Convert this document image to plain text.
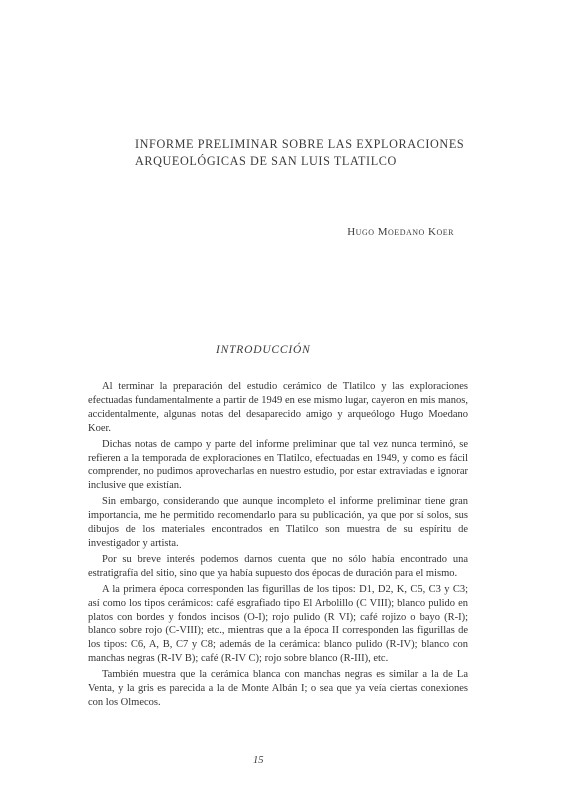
INFORME PRELIMINAR SOBRE LAS EXPLORACIONES
ARQUEOLÓGICAS DE SAN LUIS TLATILCO
Hugo Moedano Koer
INTRODUCCIÓN

Al terminar la preparación del estudio cerámico de Tlatilco y las exploraciones efectuadas fundamentalmente a partir de 1949 en ese mismo lugar, cayeron en mis manos, accidentalmente, algunas notas del desaparecido amigo y arqueólogo Hugo Moedano Koer.

Dichas notas de campo y parte del informe preliminar que tal vez nunca terminó, se refieren a la temporada de exploraciones en Tlatilco, efectuadas en 1949, y como es fácil comprender, no pudimos aprovecharlas en nuestro estudio, por estar extraviadas e ignorar inclusive que existían.

Sin embargo, considerando que aunque incompleto el informe preliminar tiene gran importancia, me he permitido recomendarlo para su publicación, ya que por sí solos, sus dibujos de los materiales encontrados en Tlatilco son muestra de su espíritu de investigador y artista.

Por su breve interés podemos darnos cuenta que no sólo había encontrado una estratigrafía del sitio, sino que ya había supuesto dos épocas de duración para el mismo.

A la primera época corresponden las figurillas de los tipos: D1, D2, K, C5, C3 y C3; así como los tipos cerámicos: café esgrafiado tipo El Arbolillo (C VIII); blanco pulido en platos con bordes y fondos incisos (O-I); rojo pulido (R VI); café rojizo o bayo (R-I); blanco sobre rojo (C-VIII); etc., mientras que a la época II corresponden las figurillas de los tipos: C6, A, B, C7 y C8; además de la cerámica: blanco pulido (R-IV); blanco con manchas negras (R-IV B); café (R-IV C); rojo sobre blanco (R-III), etc.

También muestra que la cerámica blanca con manchas negras es similar a la de La Venta, y la gris es parecida a la de Monte Albán I; o sea que ya veía ciertas conexiones con los Olmecos.

15
